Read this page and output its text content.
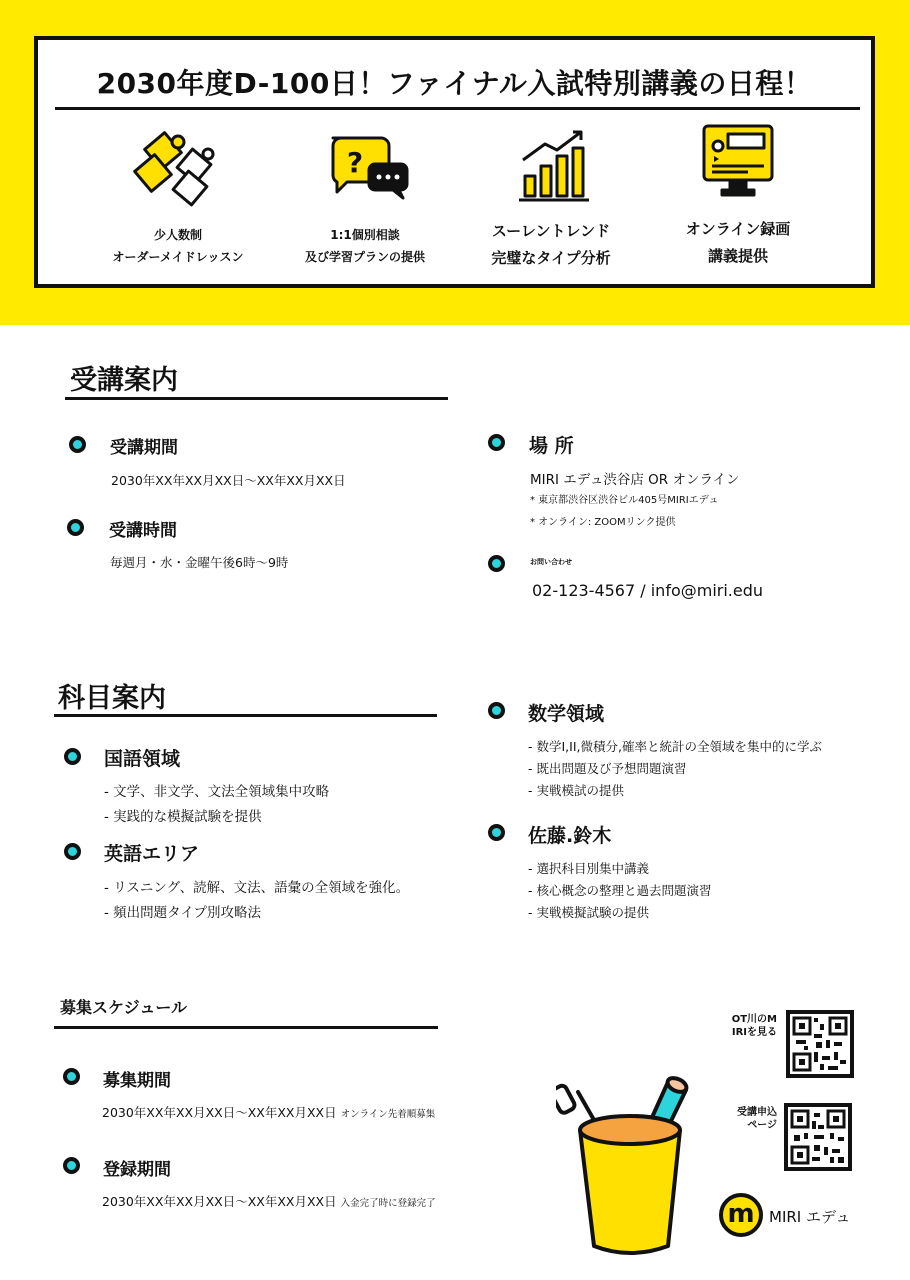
2030年度D-100日！ファイナル入試特別講義の日程！
少人数制
オーダーメイドレッスン
?
1:1個別相談
及び学習プランの提供
スーレントレンド
完璧なタイプ分析
オンライン録画
講義提供
受講案内
受講期間
2030年XX年XX月XX日〜XX年XX月XX日
受講時間
毎週月・水・金曜午後6時〜9時
場 所
MIRI エデュ渋谷店 OR オンライン
* 東京都渋谷区渋谷ビル405号MIRIエデュ
* オンライン: ZOOMリンク提供
お問い合わせ
02-123-4567 / info@miri.edu
科目案内
国語領域
- 文学、非文学、文法全領域集中攻略
- 実践的な模擬試験を提供
英語エリア
- リスニング、読解、文法、語彙の全領域を強化。
- 頻出問題タイプ別攻略法
数学領域
- 数学I,II,微積分,確率と統計の全領域を集中的に学ぶ
- 既出問題及び予想問題演習
- 実戦模試の提供
佐藤.鈴木
- 選択科目別集中講義
- 核心概念の整理と過去問題演習
- 実戦模擬試験の提供
募集スケジュール
募集期間
2030年XX年XX月XX日〜XX年XX月XX日 オンライン先着順募集
登録期間
2030年XX年XX月XX日〜XX年XX月XX日 入金完了時に登録完了
OT川のM IRIを見る
受講申込 ページ
m MIRI エデュ
